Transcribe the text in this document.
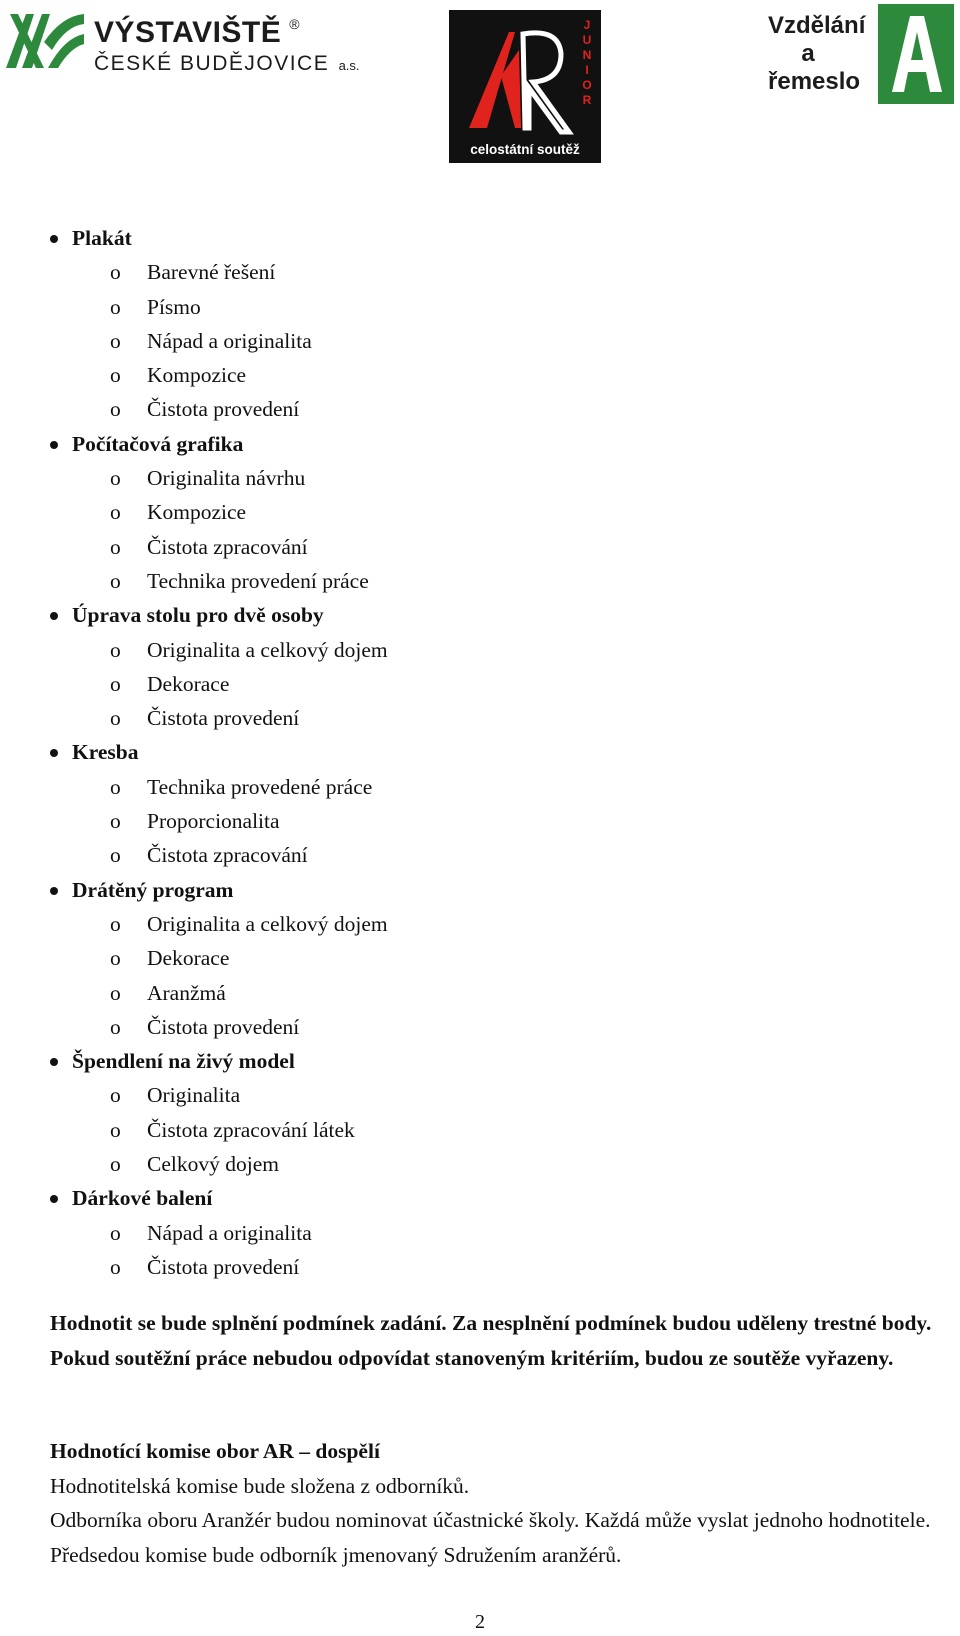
VÝSTAVIŠTĚ ®
ČESKÉ BUDĚJOVICE a.s.
J
U
N
I
O
R
celostátní soutěž
Vzdělání
a
řemeslo
Plakát
o Barevné řešení
o Písmo
o Nápad a originalita
o Kompozice
o Čistota provedení
Počítačová grafika
o Originalita návrhu
o Kompozice
o Čistota zpracování
o Technika provedení práce
Úprava stolu pro dvě osoby
o Originalita a celkový dojem
o Dekorace
o Čistota provedení
Kresba
o Technika provedené práce
o Proporcionalita
o Čistota zpracování
Drátěný program
o Originalita a celkový dojem
o Dekorace
o Aranžmá
o Čistota provedení
Špendlení na živý model
o Originalita
o Čistota zpracování látek
o Celkový dojem
Dárkové balení
o Nápad a originalita
o Čistota provedení
Hodnotit se bude splnění podmínek zadání. Za nesplnění podmínek budou uděleny trestné body. Pokud soutěžní práce nebudou odpovídat stanoveným kritériím, budou ze soutěže vyřazeny.
Hodnotící komise obor AR – dospělí
Hodnotitelská komise bude složena z odborníků.
Odborníka oboru Aranžér budou nominovat účastnické školy. Každá může vyslat jednoho hodnotitele. Předsedou komise bude odborník jmenovaný Sdružením aranžérů.
2
